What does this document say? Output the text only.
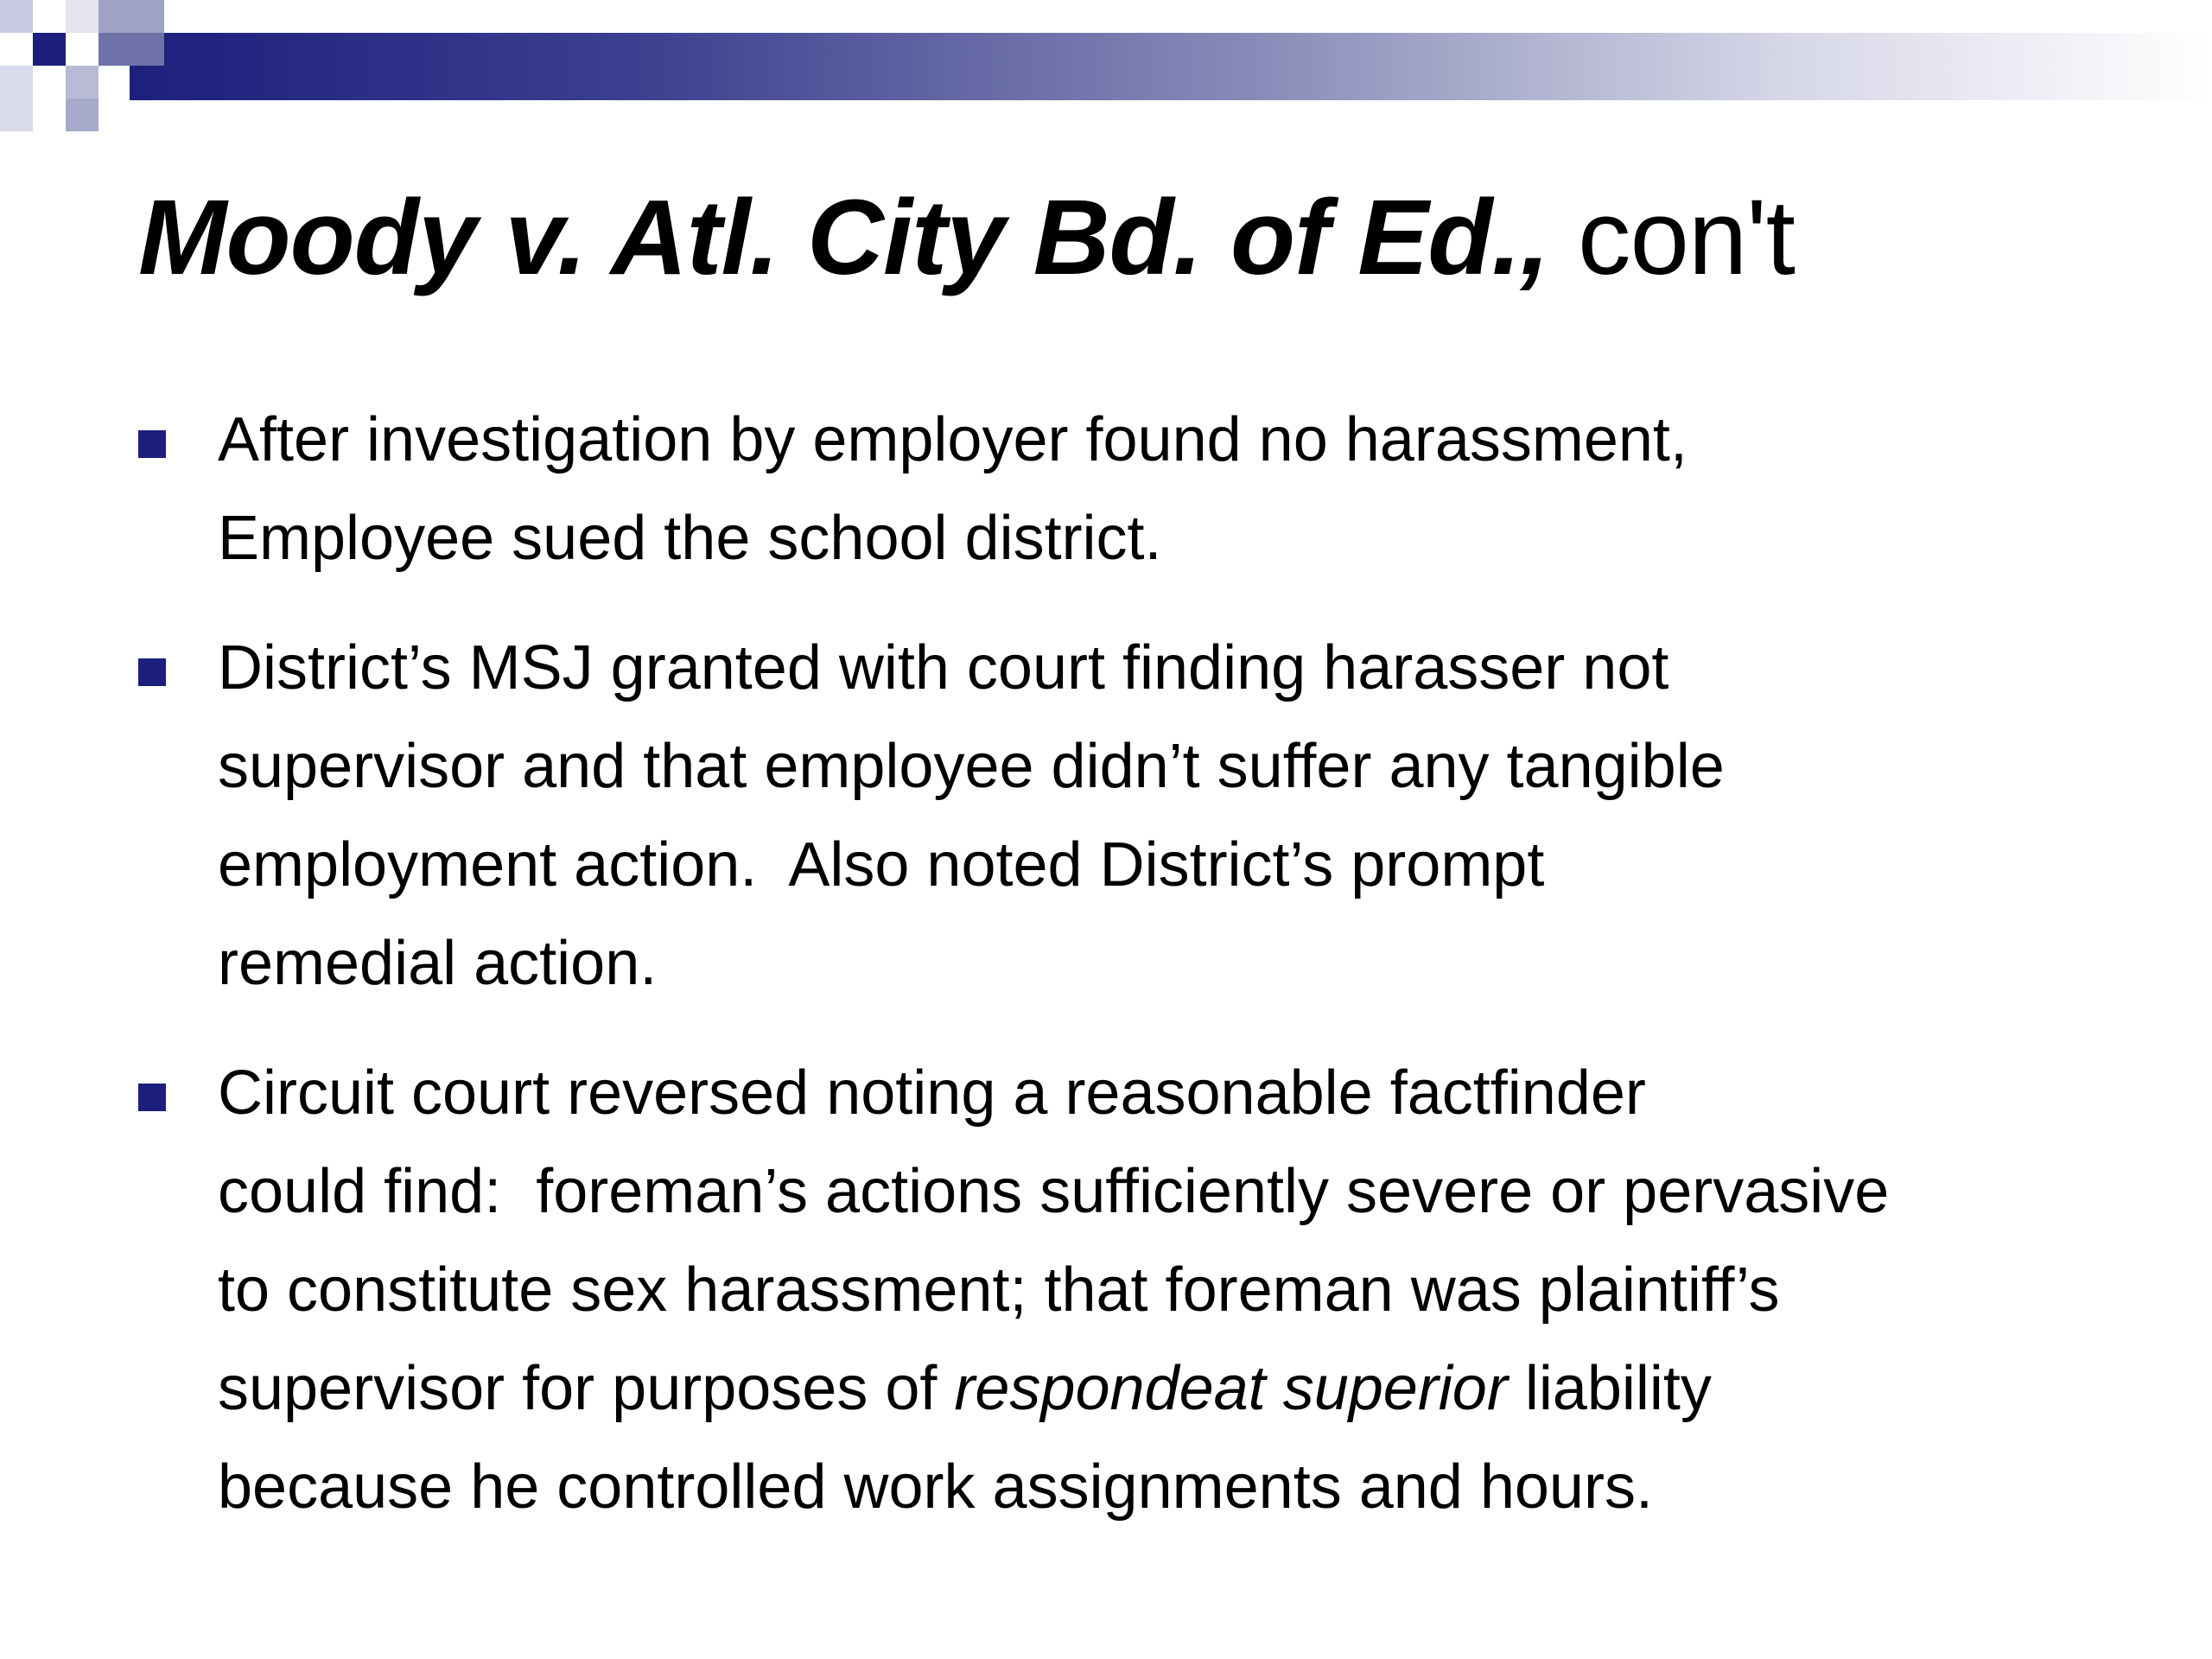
Moody v. Atl. City Bd. of Ed., con't

After investigation by employer found no harassment,

Employee sued the school district.

District’s MSJ granted with court finding harasser not

supervisor and that employee didn’t suffer any tangible

employment action.  Also noted District’s prompt

remedial action.

Circuit court reversed noting a reasonable factfinder

could find:  foreman’s actions sufficiently severe or pervasive

to constitute sex harassment; that foreman was plaintiff’s

supervisor for purposes of respondeat superior liability

because he controlled work assignments and hours.
